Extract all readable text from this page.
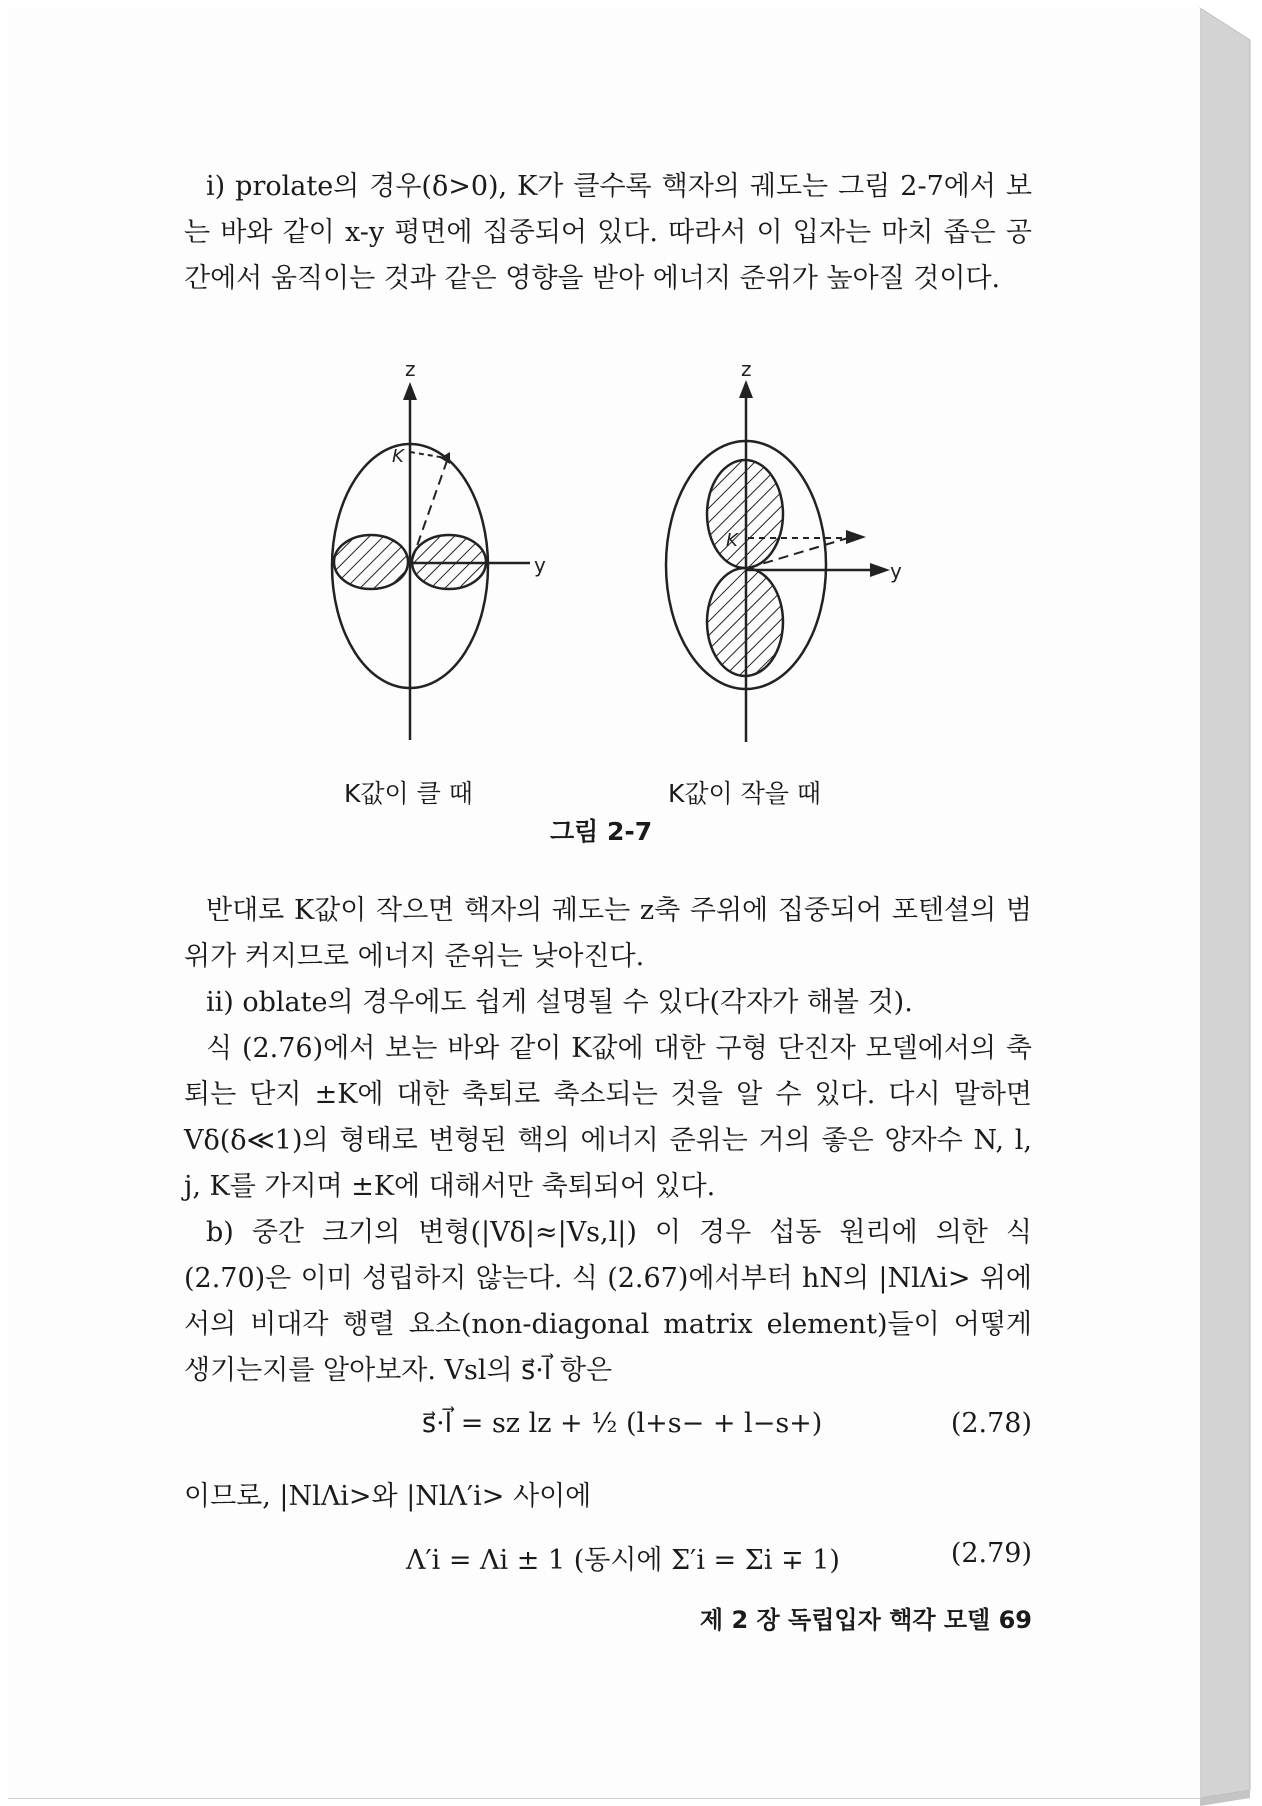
i) prolate의 경우(δ>0), K가 클수록 핵자의 궤도는 그림 2-7에서 보는 바와 같이 x-y 평면에 집중되어 있다. 따라서 이 입자는 마치 좁은 공간에서 움직이는 것과 같은 영향을 받아 에너지 준위가 높아질 것이다.

z
y
K
z
y
K
K값이 클 때	K값이 작을 때
그림 2-7

반대로 K값이 작으면 핵자의 궤도는 z축 주위에 집중되어 포텐셜의 범위가 커지므로 에너지 준위는 낮아진다.

ii) oblate의 경우에도 쉽게 설명될 수 있다(각자가 해볼 것).

식 (2.76)에서 보는 바와 같이 K값에 대한 구형 단진자 모델에서의 축퇴는 단지 ±K에 대한 축퇴로 축소되는 것을 알 수 있다. 다시 말하면 Vδ(δ≪1)의 형태로 변형된 핵의 에너지 준위는 거의 좋은 양자수 N, l, j, K를 가지며 ±K에 대해서만 축퇴되어 있다.

b) 중간 크기의 변형(|Vδ|≈|Vs,l|) 이 경우 섭동 원리에 의한 식 (2.70)은 이미 성립하지 않는다. 식 (2.67)에서부터 hN의 |NlΛi> 위에서의 비대각 행렬 요소(non-diagonal matrix element)들이 어떻게 생기는지를 알아보자. Vsl의 s⃗·l⃗ 항은

s⃗·l⃗ = sz lz + ½ (l+s− + l−s+)	(2.78)

이므로, |NlΛi>와 |NlΛ′i> 사이에

Λ′i = Λi ± 1 (동시에 Σ′i = Σi ∓ 1)	(2.79)
제 2 장 독립입자 핵각 모델 69
